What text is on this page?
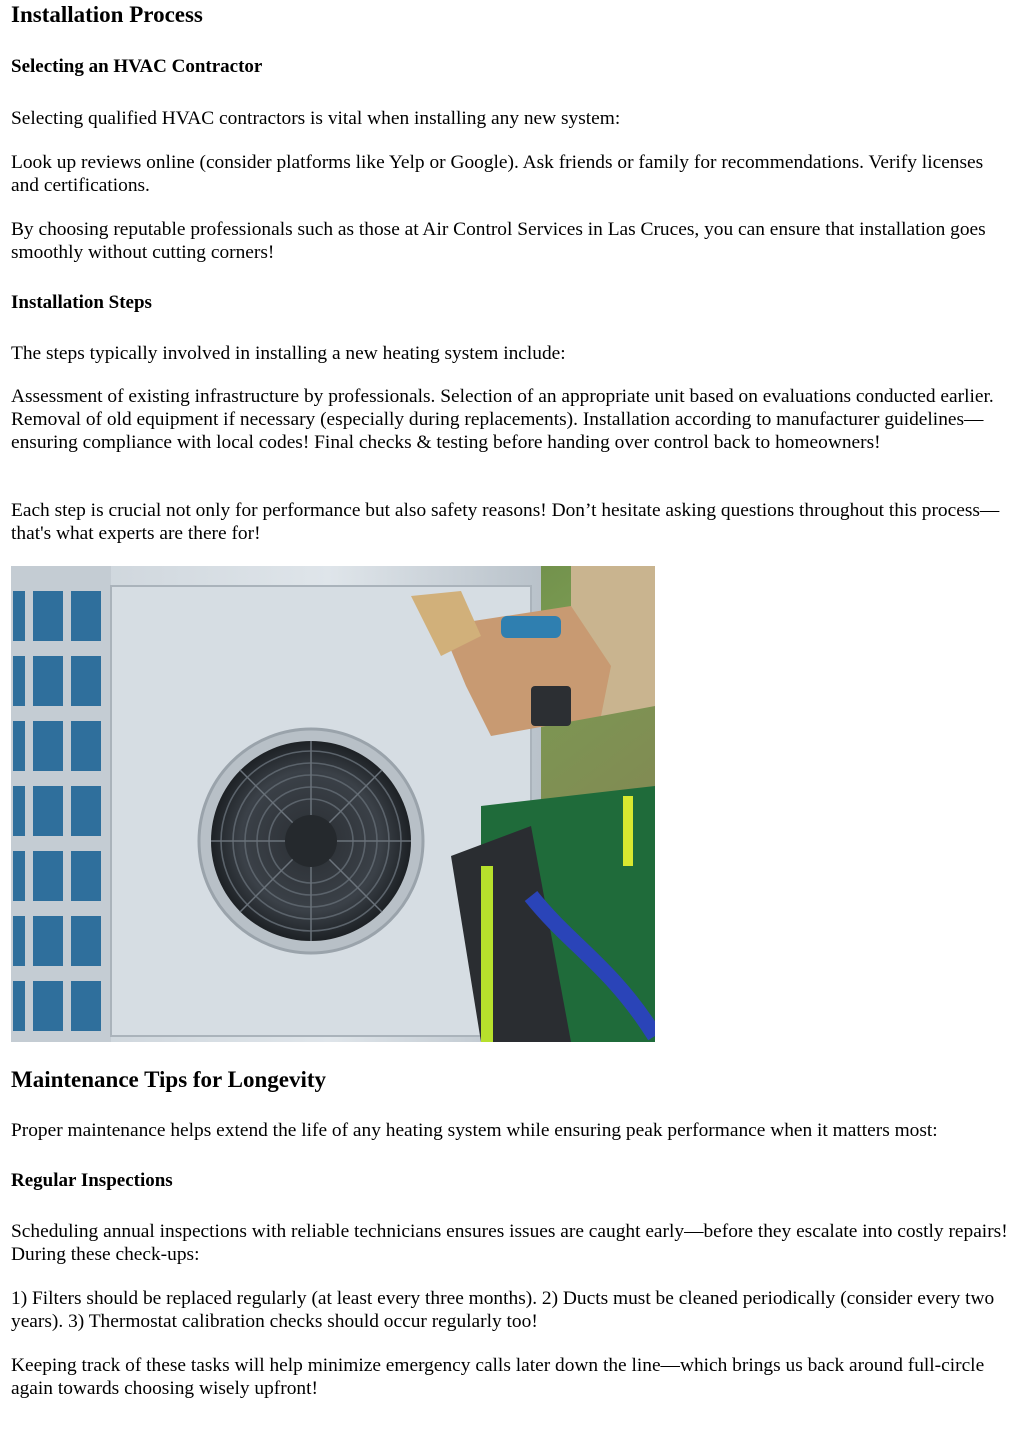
Installation Process
Selecting an HVAC Contractor

Selecting qualified HVAC contractors is vital when installing any new system:

Look up reviews online (consider platforms like Yelp or Google). Ask friends or family for recommendations. Verify licenses and certifications.

By choosing reputable professionals such as those at Air Control Services in Las Cruces, you can ensure that installation goes smoothly without cutting corners!

Installation Steps

The steps typically involved in installing a new heating system include:

Assessment of existing infrastructure by professionals. Selection of an appropriate unit based on evaluations conducted earlier. Removal of old equipment if necessary (especially during replacements). Installation according to manufacturer guidelines—ensuring compliance with local codes! Final checks & testing before handing over control back to homeowners!

Each step is crucial not only for performance but also safety reasons! Don’t hesitate asking questions throughout this process—that's what experts are there for!

Maintenance Tips for Longevity

Proper maintenance helps extend the life of any heating system while ensuring peak performance when it matters most:

Regular Inspections

Scheduling annual inspections with reliable technicians ensures issues are caught early—before they escalate into costly repairs! During these check-ups:

1) Filters should be replaced regularly (at least every three months). 2) Ducts must be cleaned periodically (consider every two years). 3) Thermostat calibration checks should occur regularly too!

Keeping track of these tasks will help minimize emergency calls later down the line—which brings us back around full-circle again towards choosing wisely upfront!
